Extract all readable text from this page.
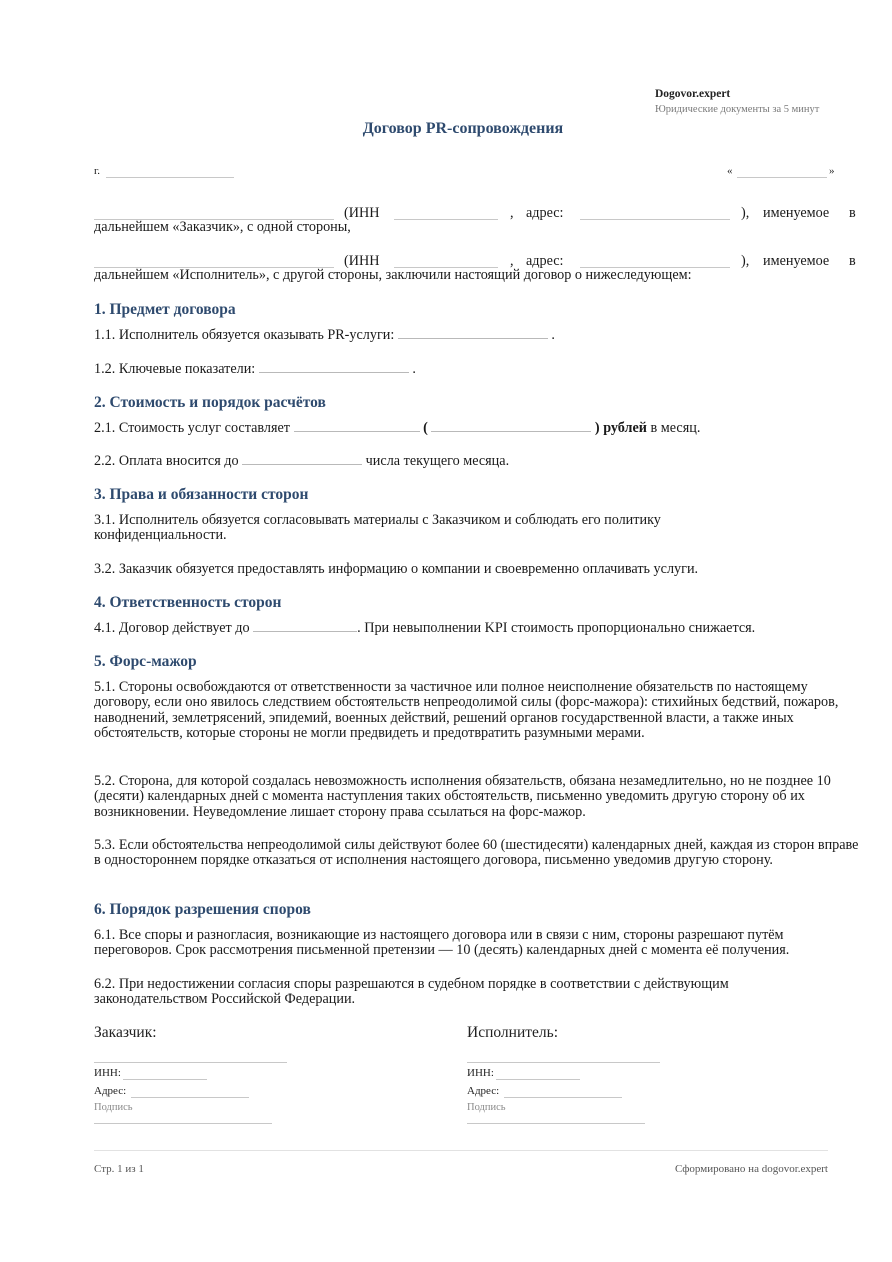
Dogovor.expert
Юридические документы за 5 минут
Договор PR-сопровождения
г.	«	»
(ИНН	, адрес:	), именуемое в
дальнейшем «Заказчик», с одной стороны,
(ИНН	, адрес:	), именуемое в
дальнейшем «Исполнитель», с другой стороны, заключили настоящий договор о нижеследующем:
1. Предмет договора
1.1. Исполнитель обязуется оказывать PR-услуги:	.
1.2. Ключевые показатели:	.
2. Стоимость и порядок расчётов
2.1. Стоимость услуг составляет	(	) рублей в месяц.
2.2. Оплата вносится до	числа текущего месяца.
3. Права и обязанности сторон
3.1. Исполнитель обязуется согласовывать материалы с Заказчиком и соблюдать его политику конфиденциальности.
3.2. Заказчик обязуется предоставлять информацию о компании и своевременно оплачивать услуги.
4. Ответственность сторон
4.1. Договор действует до	. При невыполнении KPI стоимость пропорционально снижается.
5. Форс-мажор
5.1. Стороны освобождаются от ответственности за частичное или полное неисполнение обязательств по настоящему договору, если оно явилось следствием обстоятельств непреодолимой силы (форс-мажора): стихийных бедствий, пожаров, наводнений, землетрясений, эпидемий, военных действий, решений органов государственной власти, а также иных обстоятельств, которые стороны не могли предвидеть и предотвратить разумными мерами.
5.2. Сторона, для которой создалась невозможность исполнения обязательств, обязана незамедлительно, но не позднее 10 (десяти) календарных дней с момента наступления таких обстоятельств, письменно уведомить другую сторону об их возникновении. Неуведомление лишает сторону права ссылаться на форс-мажор.
5.3. Если обстоятельства непреодолимой силы действуют более 60 (шестидесяти) календарных дней, каждая из сторон вправе в одностороннем порядке отказаться от исполнения настоящего договора, письменно уведомив другую сторону.
6. Порядок разрешения споров
6.1. Все споры и разногласия, возникающие из настоящего договора или в связи с ним, стороны разрешают путём переговоров. Срок рассмотрения письменной претензии — 10 (десять) календарных дней с момента её получения.
6.2. При недостижении согласия споры разрешаются в судебном порядке в соответствии с действующим законодательством Российской Федерации.
Заказчик:
ИНН:
Адрес:
Подпись
Исполнитель:
ИНН:
Адрес:
Подпись
Стр. 1 из 1	Сформировано на dogovor.expert
